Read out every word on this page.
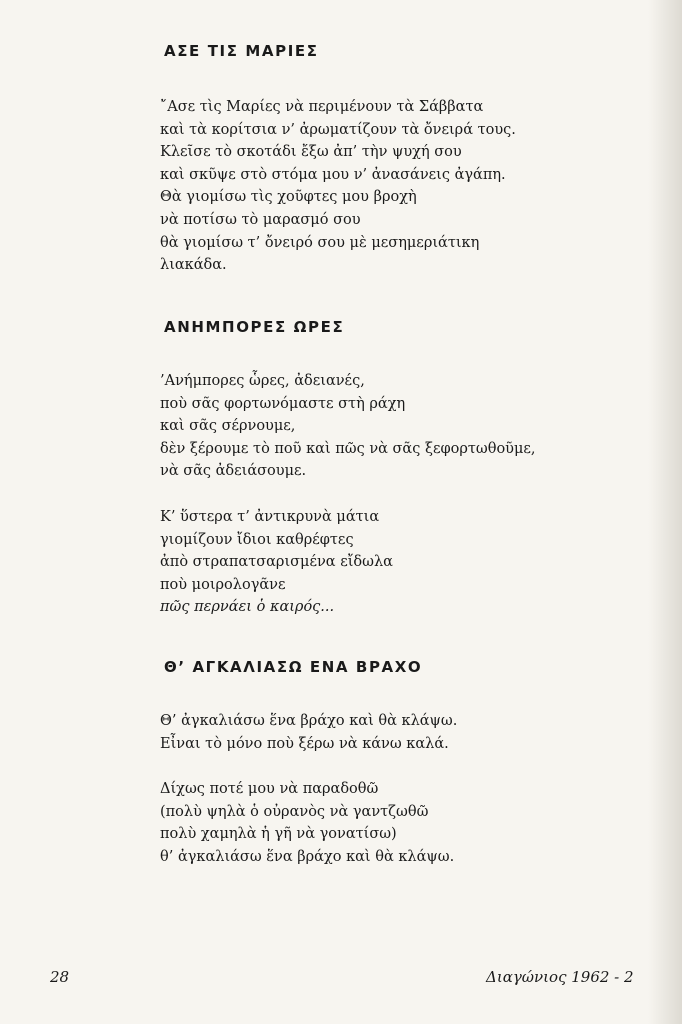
ΑΣΕ ΤΙΣ ΜΑΡΙΕΣ
῎Ασε τὶς Μαρίες νὰ περιμένουν τὰ Σάββατα
καὶ τὰ κορίτσια ν’ ἀρωματίζουν τὰ ὄνειρά τους.
Κλεῖσε τὸ σκοτάδι ἔξω ἀπ’ τὴν ψυχή σου
καὶ σκῦψε στὸ στόμα μου ν’ ἀνασάνεις ἀγάπη.
Θὰ γιομίσω τὶς χοῦφτες μου βροχὴ
νὰ ποτίσω τὸ μαρασμό σου
θὰ γιομίσω τ’ ὄνειρό σου μὲ μεσημεριάτικη
λιακάδα.
ΑΝΗΜΠΟΡΕΣ ΩΡΕΣ
’Ανήμπορες ὧρες, ἀδειανές,
ποὺ σᾶς φορτωνόμαστε στὴ ράχη
καὶ σᾶς σέρνουμε,
δὲν ξέρουμε τὸ ποῦ καὶ πῶς νὰ σᾶς ξεφορτωθοῦμε,
νὰ σᾶς ἀδειάσουμε.
Κ’ ὕστερα τ’ ἀντικρυνὰ μάτια
γιομίζουν ἴδιοι καθρέφτες
ἀπὸ στραπατσαρισμένα εἴδωλα
ποὺ μοιρολογᾶνε
πῶς περνάει ὁ καιρός...
Θ’ ΑΓΚΑΛΙΑΣΩ ΕΝΑ ΒΡΑΧΟ
Θ’ ἀγκαλιάσω ἕνα βράχο καὶ θὰ κλάψω.
Εἶναι τὸ μόνο ποὺ ξέρω νὰ κάνω καλά.
Δίχως ποτέ μου νὰ παραδοθῶ
(πολὺ ψηλὰ ὁ οὐρανὸς νὰ γαντζωθῶ
πολὺ χαμηλὰ ἡ γῆ νὰ γονατίσω)
θ’ ἀγκαλιάσω ἕνα βράχο καὶ θὰ κλάψω.
28	Διαγώνιος 1962 - 2
